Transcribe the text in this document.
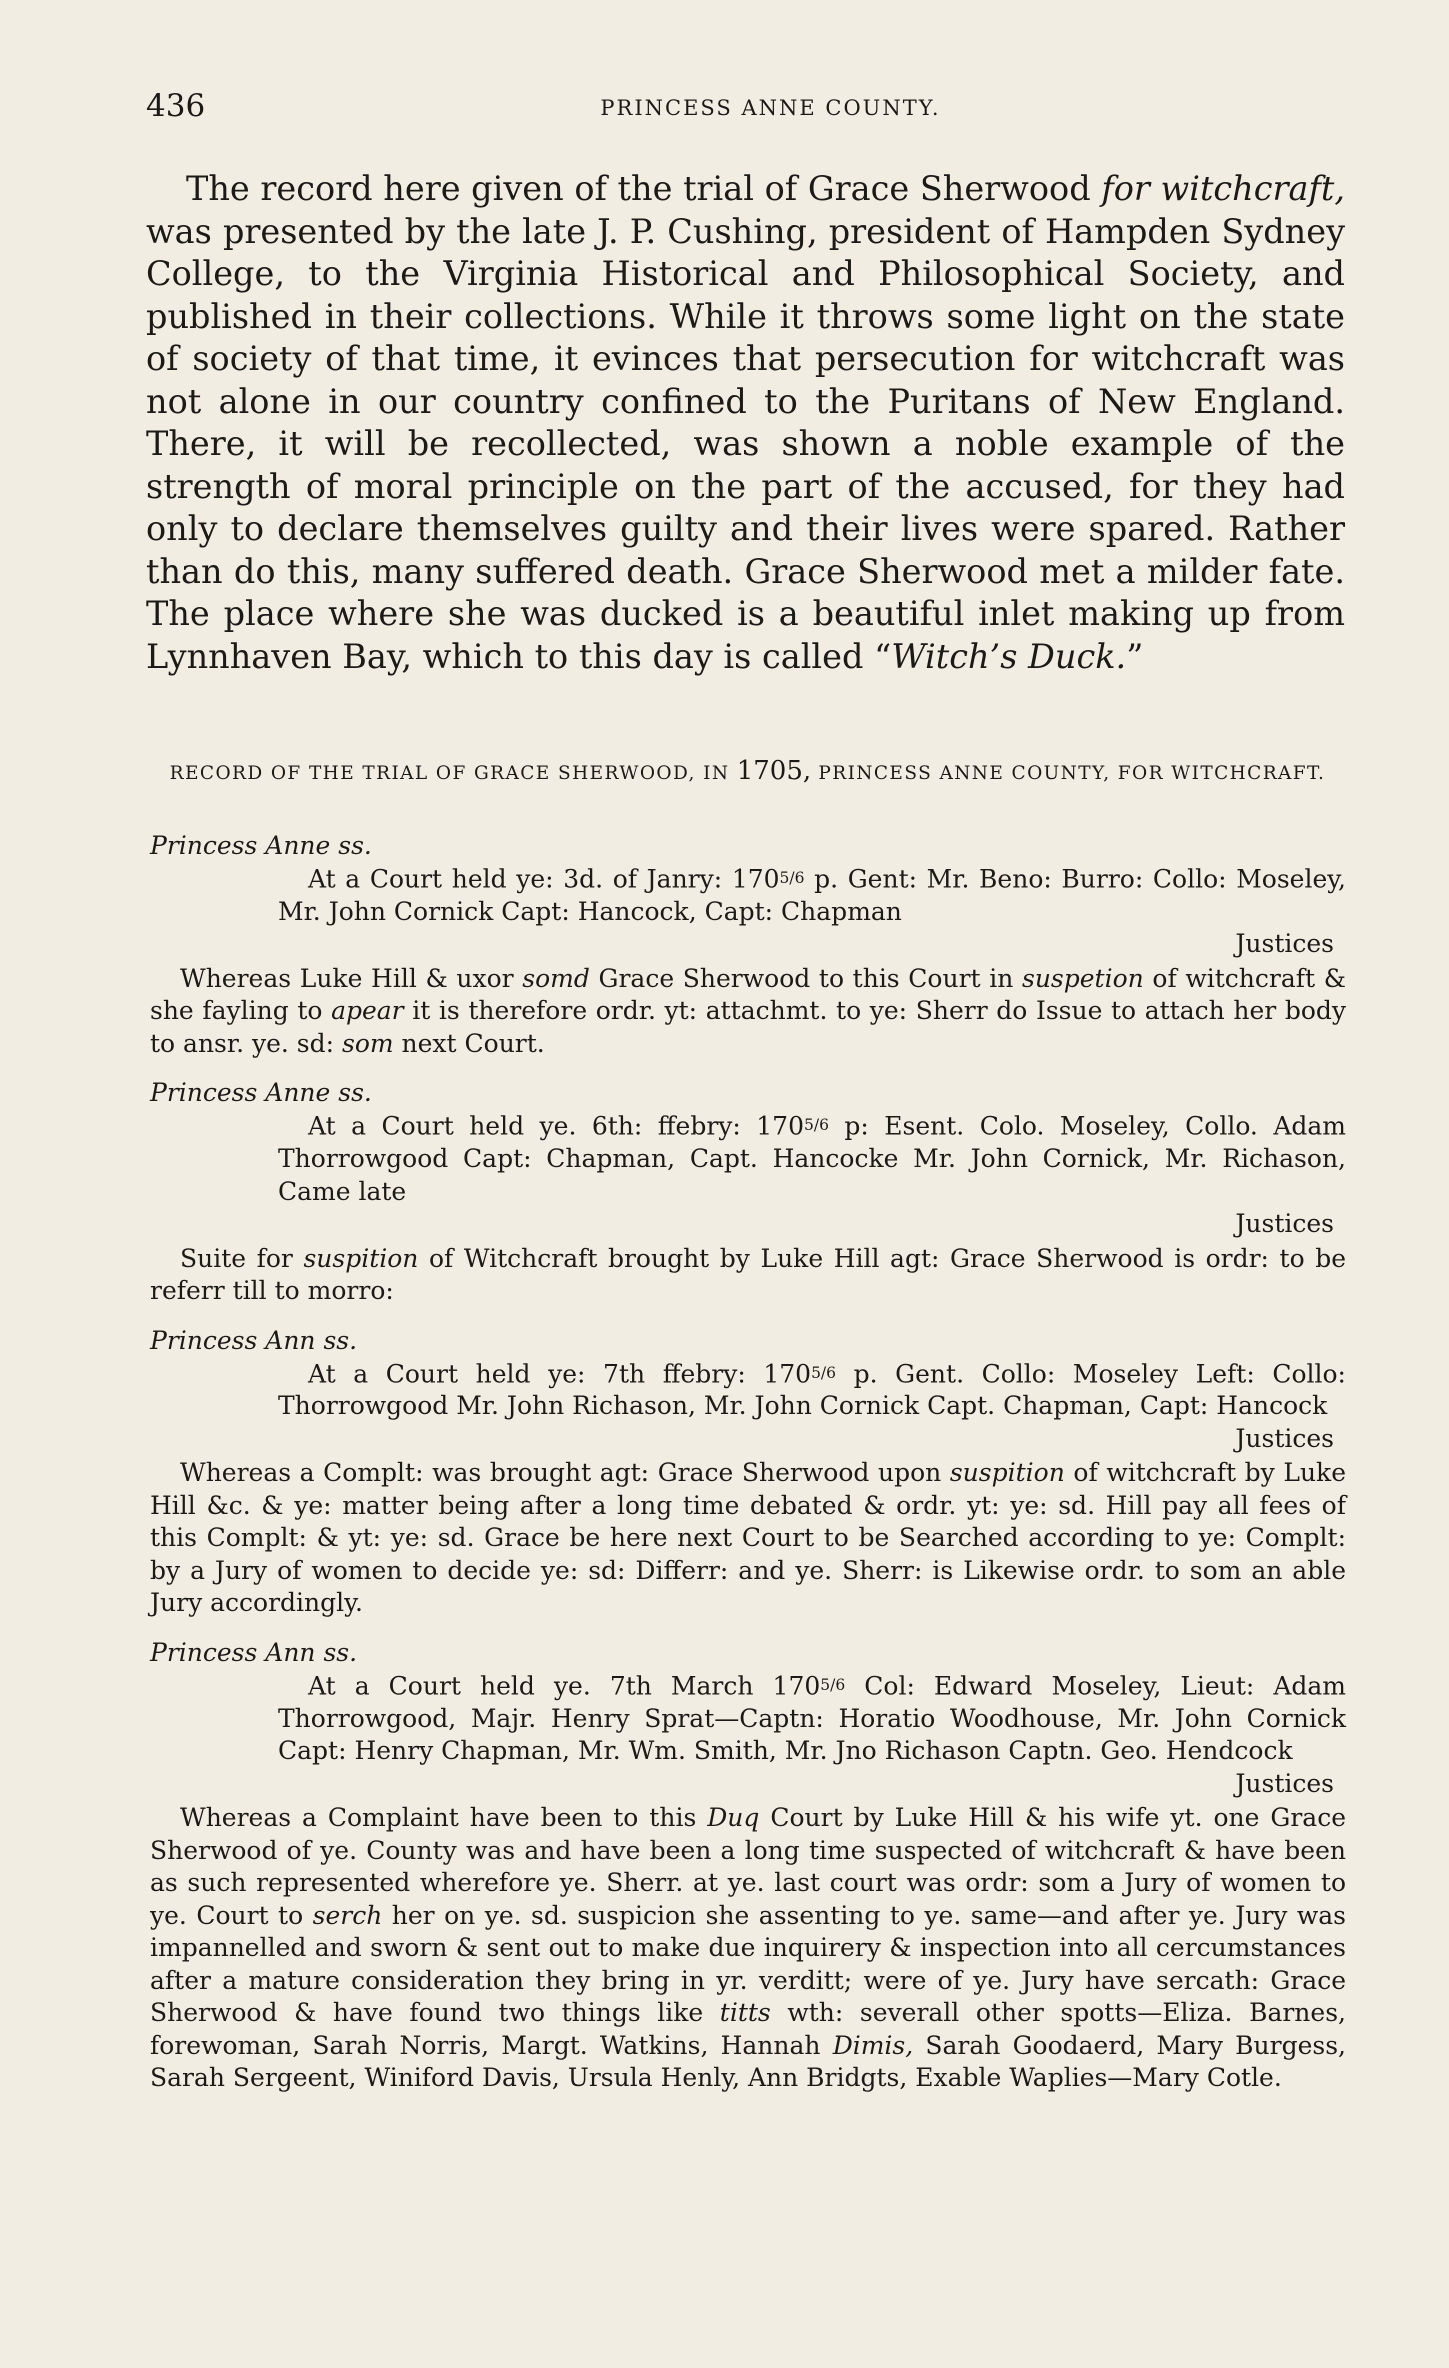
436	PRINCESS ANNE COUNTY.

The record here given of the trial of Grace Sherwood for witchcraft, was presented by the late J. P. Cushing, president of Hampden Sydney College, to the Virginia Historical and Philosophical Society, and published in their collections. While it throws some light on the state of society of that time, it evinces that persecution for witchcraft was not alone in our country confined to the Puritans of New England. There, it will be recollected, was shown a noble example of the strength of moral principle on the part of the accused, for they had only to declare themselves guilty and their lives were spared. Rather than do this, many suffered death. Grace Sherwood met a milder fate. The place where she was ducked is a beautiful inlet making up from Lynnhaven Bay, which to this day is called “Witch’s Duck.”

RECORD OF THE TRIAL OF GRACE SHERWOOD, IN 1705, PRINCESS ANNE COUNTY, FOR WITCHCRAFT.

Princess Anne ss.

At a Court held ye: 3d. of Janry: 1705/6 p. Gent: Mr. Beno: Burro: Collo: Moseley, Mr. John Cornick Capt: Hancock, Capt: Chapman

Justices

Whereas Luke Hill & uxor somd Grace Sherwood to this Court in suspetion of witchcraft & she fayling to apear it is therefore ordr. yt: attachmt. to ye: Sherr do Issue to attach her body to ansr. ye. sd: som next Court.

Princess Anne ss.

At a Court held ye. 6th: ffebry: 1705/6 p: Esent. Colo. Moseley, Collo. Adam Thorrowgood Capt: Chapman, Capt. Hancocke Mr. John Cornick, Mr. Richason, Came late

Justices

Suite for suspition of Witchcraft brought by Luke Hill agt: Grace Sherwood is ordr: to be referr till to morro:

Princess Ann ss.

At a Court held ye: 7th ffebry: 1705/6 p. Gent. Collo: Moseley Left: Collo: Thorrowgood Mr. John Richason, Mr. John Cornick Capt. Chapman, Capt: Hancock

Justices

Whereas a Complt: was brought agt: Grace Sherwood upon suspition of witchcraft by Luke Hill &c. & ye: matter being after a long time debated & ordr. yt: ye: sd. Hill pay all fees of this Complt: & yt: ye: sd. Grace be here next Court to be Searched according to ye: Complt: by a Jury of women to decide ye: sd: Differr: and ye. Sherr: is Likewise ordr. to som an able Jury accordingly.

Princess Ann ss.

At a Court held ye. 7th March 1705/6 Col: Edward Moseley, Lieut: Adam Thorrowgood, Majr. Henry Sprat—Captn: Horatio Woodhouse, Mr. John Cornick Capt: Henry Chapman, Mr. Wm. Smith, Mr. Jno Richason Captn. Geo. Hendcock

Justices

Whereas a Complaint have been to this Duq Court by Luke Hill & his wife yt. one Grace Sherwood of ye. County was and have been a long time suspected of witchcraft & have been as such represented wherefore ye. Sherr. at ye. last court was ordr: som a Jury of women to ye. Court to serch her on ye. sd. suspicion she assenting to ye. same—and after ye. Jury was impannelled and sworn & sent out to make due inquirery & inspection into all cercumstances after a mature consideration they bring in yr. verditt; were of ye. Jury have sercath: Grace Sherwood & have found two things like titts wth: severall other spotts—Eliza. Barnes, forewoman, Sarah Norris, Margt. Watkins, Hannah Dimis, Sarah Goodaerd, Mary Burgess, Sarah Sergeent, Winiford Davis, Ursula Henly, Ann Bridgts, Exable Waplies—Mary Cotle.
